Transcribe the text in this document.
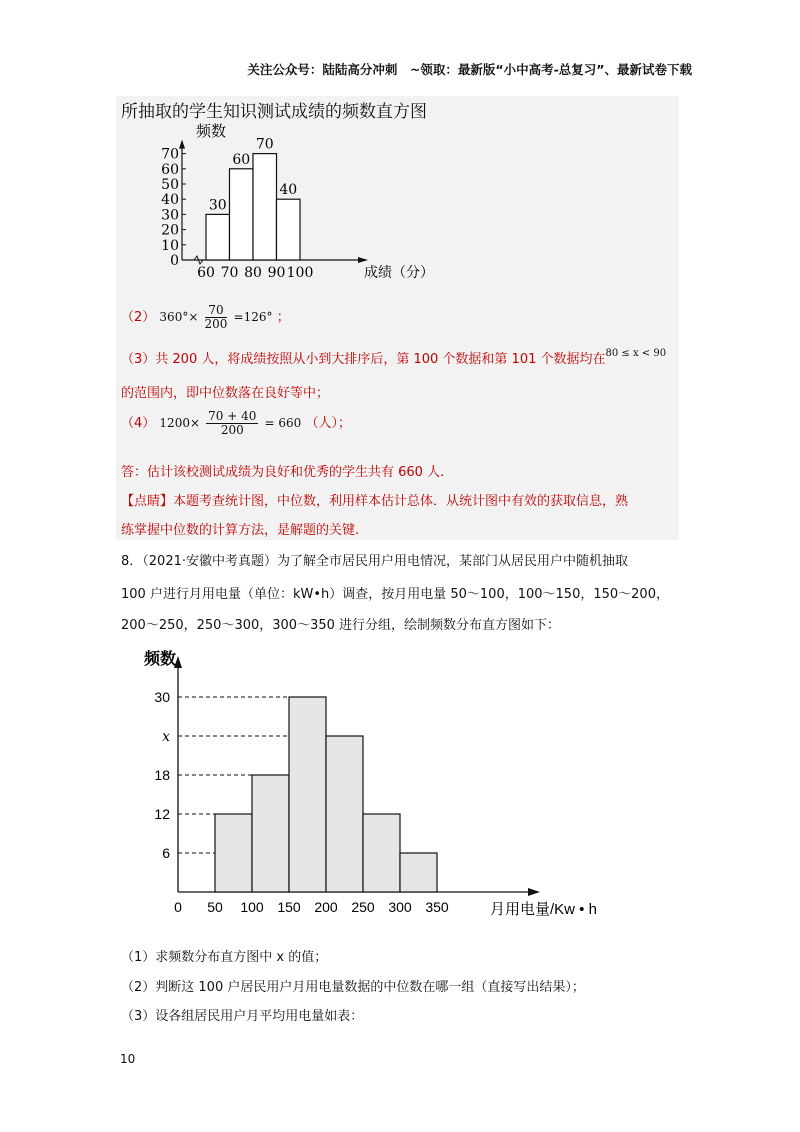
关注公众号：陆陆高分冲刺　~领取：最新版“小中高考-总复习”、最新试卷下载
所抽取的学生知识测试成绩的频数直方图
频数
0
10
20
30
40
50
60
70
30
60
70
40
60 70 80 90 100	成绩（分）
（2） $360^\circ\times \frac{70}{200} =126^\circ$ ；
（3）共 200 人，将成绩按照从小到大排序后，第 100 个数据和第 101 个数据均在$^{80 \le x < 90}$
的范围内，即中位数落在良好等中；
（4） $1200\times \frac{70 + 40}{200} = 660$ （人）；
答：估计该校测试成绩为良好和优秀的学生共有 660 人.
【点睛】本题考查统计图，中位数，利用样本估计总体．从统计图中有效的获取信息，熟
练掌握中位数的计算方法，是解题的关键.
8．（2021·安徽中考真题）为了解全市居民用户用电情况，某部门从居民用户中随机抽取
100 户进行月用电量（单位：kW•h）调查，按月用电量 50～100，100～150，150～200，
200～250，250～300，300～350 进行分组，绘制频数分布直方图如下：
频数
6
12
18
x
30
0 50 100 150 200 250 300 350	月用电量/Kw • h
（1）求频数分布直方图中 x 的值；
（2）判断这 100 户居民用户月用电量数据的中位数在哪一组（直接写出结果）；
（3）设各组居民用户月平均用电量如表：
10
